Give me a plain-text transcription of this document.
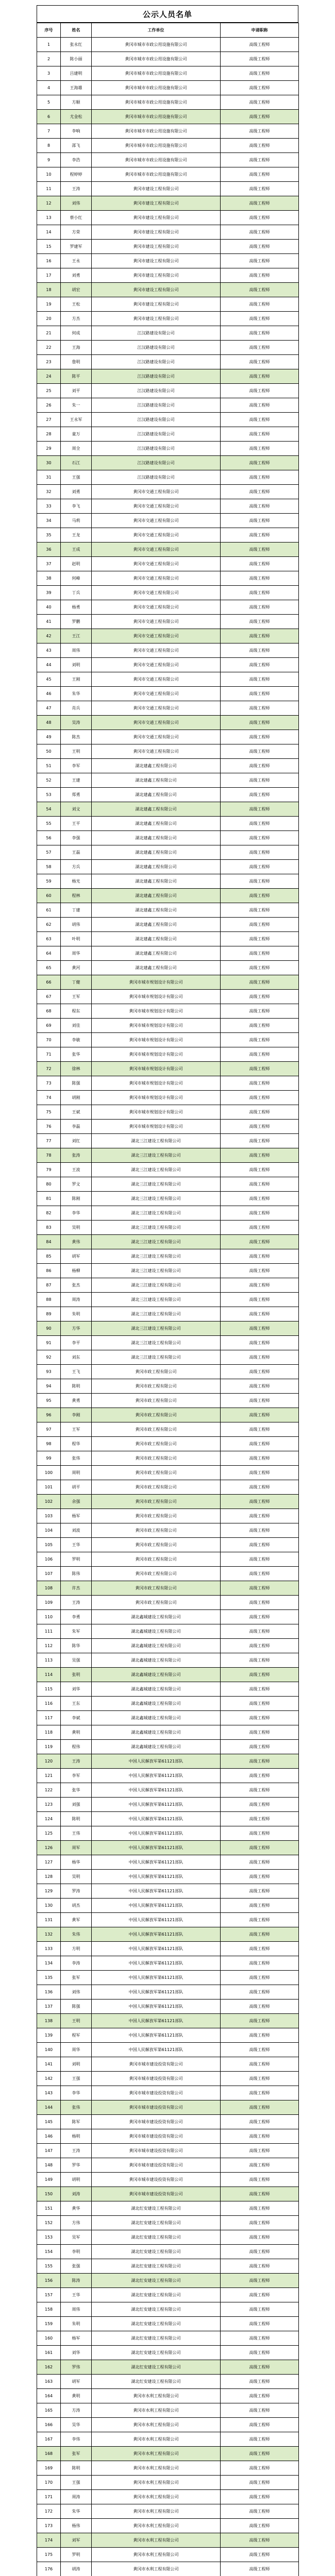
公示人员名单
序号	姓名	工作单位	申请职称
1	张永红	黄冈市城市市政公用设施有限公司	高级工程师
2	陈小丽	黄冈市城市市政公用设施有限公司	高级工程师
3	吕建明	黄冈市城市市政公用设施有限公司	高级工程师
4	王海雄	黄冈市城市市政公用设施有限公司	高级工程师
5	方顺	黄冈市城市市政公用设施有限公司	高级工程师
6	尤金松	黄冈市城市市政公用设施有限公司	高级工程师
7	李响	黄冈市城市市政公用设施有限公司	高级工程师
8	邵飞	黄冈市城市市政公用设施有限公司	高级工程师
9	李浩	黄冈市城市市政公用设施有限公司	高级工程师
10	程婷婷	黄冈市城市市政公用设施有限公司	高级工程师
11	王涛	黄冈市建设工程有限公司	高级工程师
12	刘伟	黄冈市建设工程有限公司	高级工程师
13	蔡小红	黄冈市建设工程有限公司	高级工程师
14	方荣	黄冈市建设工程有限公司	高级工程师
15	罗建军	黄冈市建设工程有限公司	高级工程师
16	王永	黄冈市建设工程有限公司	高级工程师
17	刘勇	黄冈市建设工程有限公司	高级工程师
18	胡宏	黄冈市建设工程有限公司	高级工程师
19	王松	黄冈市建设工程有限公司	高级工程师
20	方杰	黄冈市建设工程有限公司	高级工程师
21	何成	江汉路建设有限公司	高级工程师
22	王海	江汉路建设有限公司	高级工程师
23	詹明	江汉路建设有限公司	高级工程师
24	陈平	江汉路建设有限公司	高级工程师
25	刘平	江汉路建设有限公司	高级工程师
26	朱一	江汉路建设有限公司	高级工程师
27	王永军	江汉路建设有限公司	高级工程师
28	童万	江汉路建设有限公司	高级工程师
29	周全	江汉路建设有限公司	高级工程师
30	石江	江汉路建设有限公司	高级工程师
31	王强	江汉路建设有限公司	高级工程师
32	刘勇	黄冈市交通工程有限公司	高级工程师
33	李飞	黄冈市交通工程有限公司	高级工程师
34	马莉	黄冈市交通工程有限公司	高级工程师
35	王龙	黄冈市交通工程有限公司	高级工程师
36	王成	黄冈市交通工程有限公司	高级工程师
37	赵明	黄冈市交通工程有限公司	高级工程师
38	何峰	黄冈市交通工程有限公司	高级工程师
39	丁兵	黄冈市交通工程有限公司	高级工程师
40	杨勇	黄冈市交通工程有限公司	高级工程师
41	罗鹏	黄冈市交通工程有限公司	高级工程师
42	王江	黄冈市交通工程有限公司	高级工程师
43	周伟	黄冈市交通工程有限公司	高级工程师
44	刘明	黄冈市交通工程有限公司	高级工程师
45	王刚	黄冈市交通工程有限公司	高级工程师
46	朱华	黄冈市交通工程有限公司	高级工程师
47	肖兵	黄冈市交通工程有限公司	高级工程师
48	吴涛	黄冈市交通工程有限公司	高级工程师
49	陈杰	黄冈市交通工程有限公司	高级工程师
50	王明	黄冈市交通工程有限公司	高级工程师
51	李军	湖北建鑫工程有限公司	高级工程师
52	王建	湖北建鑫工程有限公司	高级工程师
53	郑勇	湖北建鑫工程有限公司	高级工程师
54	刘文	湖北建鑫工程有限公司	高级工程师
55	王平	湖北建鑫工程有限公司	高级工程师
56	李强	湖北建鑫工程有限公司	高级工程师
57	王磊	湖北建鑫工程有限公司	高级工程师
58	方兵	湖北建鑫工程有限公司	高级工程师
59	杨光	湖北建鑫工程有限公司	高级工程师
60	程林	湖北建鑫工程有限公司	高级工程师
61	丁建	湖北建鑫工程有限公司	高级工程师
62	胡伟	湖北建鑫工程有限公司	高级工程师
63	叶明	湖北建鑫工程有限公司	高级工程师
64	周华	湖北建鑫工程有限公司	高级工程师
65	黄河	湖北建鑫工程有限公司	高级工程师
66	丁健	黄冈市城市规划设计有限公司	高级工程师
67	王军	黄冈市城市规划设计有限公司	高级工程师
68	程东	黄冈市城市规划设计有限公司	高级工程师
69	刘佳	黄冈市城市规划设计有限公司	高级工程师
70	李敏	黄冈市城市规划设计有限公司	高级工程师
71	张华	黄冈市城市规划设计有限公司	高级工程师
72	徐林	黄冈市城市规划设计有限公司	高级工程师
73	陈强	黄冈市城市规划设计有限公司	高级工程师
74	胡刚	黄冈市城市规划设计有限公司	高级工程师
75	王斌	黄冈市城市规划设计有限公司	高级工程师
76	李磊	黄冈市城市规划设计有限公司	高级工程师
77	刘红	湖北三江建设工程有限公司	高级工程师
78	张涛	湖北三江建设工程有限公司	高级工程师
79	王波	湖北三江建设工程有限公司	高级工程师
80	罗文	湖北三江建设工程有限公司	高级工程师
81	陈刚	湖北三江建设工程有限公司	高级工程师
82	李华	湖北三江建设工程有限公司	高级工程师
83	吴明	湖北三江建设工程有限公司	高级工程师
84	黄伟	湖北三江建设工程有限公司	高级工程师
85	胡军	湖北三江建设工程有限公司	高级工程师
86	杨柳	湖北三江建设工程有限公司	高级工程师
87	张杰	湖北三江建设工程有限公司	高级工程师
88	周涛	湖北三江建设工程有限公司	高级工程师
89	朱明	湖北三江建设工程有限公司	高级工程师
90	方华	湖北三江建设工程有限公司	高级工程师
91	李平	湖北三江建设工程有限公司	高级工程师
92	刘东	湖北三江建设工程有限公司	高级工程师
93	王飞	黄冈市政工程有限公司	高级工程师
94	陈明	黄冈市政工程有限公司	高级工程师
95	黄勇	黄冈市政工程有限公司	高级工程师
96	李刚	黄冈市政工程有限公司	高级工程师
97	王军	黄冈市政工程有限公司	高级工程师
98	程华	黄冈市政工程有限公司	高级工程师
99	张伟	黄冈市政工程有限公司	高级工程师
100	周明	黄冈市政工程有限公司	高级工程师
101	胡平	黄冈市政工程有限公司	高级工程师
102	余强	黄冈市政工程有限公司	高级工程师
103	杨军	黄冈市政工程有限公司	高级工程师
104	刘波	黄冈市政工程有限公司	高级工程师
105	王华	黄冈市政工程有限公司	高级工程师
106	罗明	黄冈市政工程有限公司	高级工程师
107	陈伟	黄冈市政工程有限公司	高级工程师
108	许杰	黄冈市政工程有限公司	高级工程师
109	王涛	黄冈市政工程有限公司	高级工程师
110	李勇	湖北鑫城建设工程有限公司	高级工程师
111	朱军	湖北鑫城建设工程有限公司	高级工程师
112	陈华	湖北鑫城建设工程有限公司	高级工程师
113	吴强	湖北鑫城建设工程有限公司	高级工程师
114	张明	湖北鑫城建设工程有限公司	高级工程师
115	刘华	湖北鑫城建设工程有限公司	高级工程师
116	王东	湖北鑫城建设工程有限公司	高级工程师
117	李斌	湖北鑫城建设工程有限公司	高级工程师
118	黄明	湖北鑫城建设工程有限公司	高级工程师
119	程伟	湖北鑫城建设工程有限公司	高级工程师
120	王涛	中国人民解放军第61121部队	高级工程师
121	李军	中国人民解放军第61121部队	高级工程师
122	张华	中国人民解放军第61121部队	高级工程师
123	刘强	中国人民解放军第61121部队	高级工程师
124	陈明	中国人民解放军第61121部队	高级工程师
125	王伟	中国人民解放军第61121部队	高级工程师
126	周军	中国人民解放军第61121部队	高级工程师
127	杨华	中国人民解放军第61121部队	高级工程师
128	吴明	中国人民解放军第61121部队	高级工程师
129	罗涛	中国人民解放军第61121部队	高级工程师
130	胡杰	中国人民解放军第61121部队	高级工程师
131	黄军	中国人民解放军第61121部队	高级工程师
132	朱伟	中国人民解放军第61121部队	高级工程师
133	方明	中国人民解放军第61121部队	高级工程师
134	李涛	中国人民解放军第61121部队	高级工程师
135	张军	中国人民解放军第61121部队	高级工程师
136	刘伟	中国人民解放军第61121部队	高级工程师
137	陈强	中国人民解放军第61121部队	高级工程师
138	王明	中国人民解放军第61121部队	高级工程师
139	程军	中国人民解放军第61121部队	高级工程师
140	周华	中国人民解放军第61121部队	高级工程师
141	刘明	黄冈市城市建设投资有限公司	高级工程师
142	王强	黄冈市城市建设投资有限公司	高级工程师
143	李华	黄冈市城市建设投资有限公司	高级工程师
144	张伟	黄冈市城市建设投资有限公司	高级工程师
145	陈军	黄冈市城市建设投资有限公司	高级工程师
146	杨明	黄冈市城市建设投资有限公司	高级工程师
147	王涛	黄冈市城市建设投资有限公司	高级工程师
148	罗华	黄冈市城市建设投资有限公司	高级工程师
149	胡明	黄冈市城市建设投资有限公司	高级工程师
150	刘涛	黄冈市城市建设投资有限公司	高级工程师
151	黄华	湖北红安建设工程有限公司	高级工程师
152	方伟	湖北红安建设工程有限公司	高级工程师
153	吴军	湖北红安建设工程有限公司	高级工程师
154	李明	湖北红安建设工程有限公司	高级工程师
155	张强	湖北红安建设工程有限公司	高级工程师
156	陈涛	湖北红安建设工程有限公司	高级工程师
157	王华	湖北红安建设工程有限公司	高级工程师
158	周伟	湖北红安建设工程有限公司	高级工程师
159	朱明	湖北红安建设工程有限公司	高级工程师
160	杨军	湖北红安建设工程有限公司	高级工程师
161	刘华	湖北红安建设工程有限公司	高级工程师
162	罗伟	湖北红安建设工程有限公司	高级工程师
163	胡军	湖北红安建设工程有限公司	高级工程师
164	黄明	黄冈市水利工程有限公司	高级工程师
165	方涛	黄冈市水利工程有限公司	高级工程师
166	吴华	黄冈市水利工程有限公司	高级工程师
167	李伟	黄冈市水利工程有限公司	高级工程师
168	张军	黄冈市水利工程有限公司	高级工程师
169	陈明	黄冈市水利工程有限公司	高级工程师
170	王强	黄冈市水利工程有限公司	高级工程师
171	周涛	黄冈市水利工程有限公司	高级工程师
172	朱华	黄冈市水利工程有限公司	高级工程师
173	杨伟	黄冈市水利工程有限公司	高级工程师
174	刘军	黄冈市水利工程有限公司	高级工程师
175	罗明	黄冈市水利工程有限公司	高级工程师
176	胡涛	黄冈市水利工程有限公司	高级工程师
